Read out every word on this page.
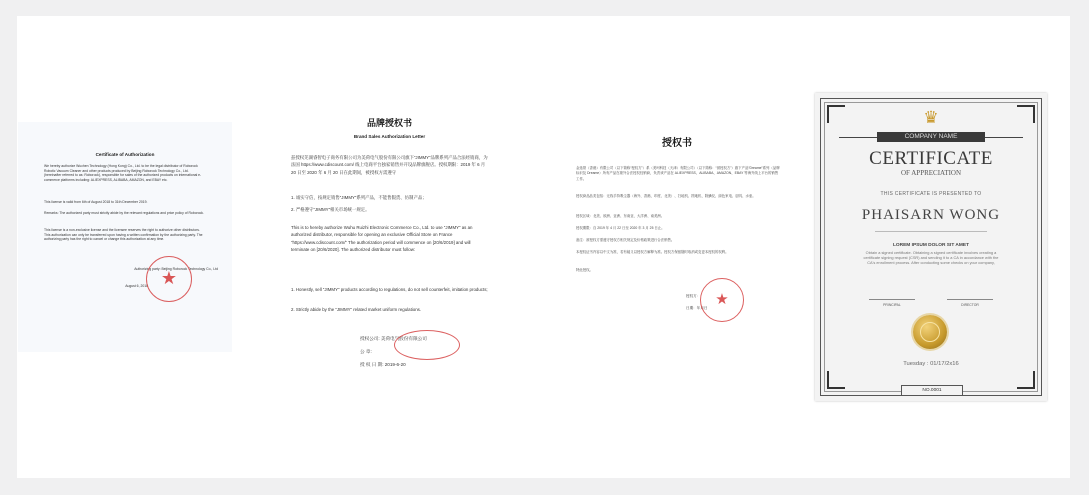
Certificate of Authorization

We hereby authorize Wuchen Technology (Hong Kong) Co., Ltd. to be the legal distributor of Roborock Robotic Vacuum Cleaner and other products produced by Beijing Roborock Technology Co., Ltd. (hereinafter referred to as: Roborock), responsible for sales of the authorized products on international e-commerce platforms including: ALIEXPRESS, ALIBABA, AMAZON, and EBAY etc.

This license is valid from 6th of August 2018 to 31th December 2019.

Remarks: The authorized party must strictly abide by the relevant regulations and price policy of Roborock.

This license is a non-exclusive license and the licensee reserves the right to authorize other distributors. This authorization can only be transferred upon having a written confirmation by the authorizing party. The authorizing party has the right to cancel or change this authorization at any time.

Authorizing party: Beijing Roborock Technology Co., Ltd

August 6, 2018 ★
品牌授权书
Brand Sales Authorization Letter

兹授权芜湖睿智电子商务有限公司为美荷电气股份有限公司旗下“JIMMY”品牌系列产品合法经销商，为法国 https://www.cdiscount.com/ 线上电商平台独家销售并开设品牌旗舰店。授权期限：2019 年 6 月 20 日至 2020 年 6 月 20 日在此期间，被授权方需遵守

1. 诚实守信，按规定销售“JIMMY”系列产品，不能售假货、仿制产品；

2. 严格遵守“JIMMY”相关市场统一规定。

This is to hereby authorize Wuhu Ruizhi Electronic Commerce Co., Ltd. to use “JIMMY” as an authorized distributor, responsible for opening an exclusive Official Store on France “https://www.cdiscount.com/” The authorization period will commence on [20/6/2019] and will terminate on [20/6/2020]. The authorized distributor must follow:

1. Honestly, sell “JIMMY” products according to regulations, do not sell counterfeit, imitation products;

2. Strictly abide by the “JIMMY” related market uniform regulations.

授权公司: 美荷电气股份有限公司

公 章:

授 权 日 期: 2019-6-20

授权书

金选领（香港）有限公司（以下简称“授权方”）系（美珂科技（天津）有限公司）（以下简称：“被授权方”）旗下产品“Dreame”系列（品牌标识及 Dreame）所有产品在境外合法授权经销商，负责该产品在 ALIEXPRESS、ALIBABA、AMAZON、EBAY 等海外线上平台的销售工作。

授权商品品类包括：无线手持吸尘器（海外、香港、印度、北美）、扫地机、擦地机、除螨仪、绿色家电、厨具、水壶。

授权区域：北美、欧洲、亚洲、东南亚、大洋洲、南美洲。

授权期限：自 2019 年 4 月 22 日至 2020 年 3 月 25 日止。

备注：被授权方需遵守授权方相关规定及价格政策进行合法销售。

本授权证书内容以中文为准，若有疑义以授权方解释为准。授权方保留随时取消或变更本授权的权利。

特此授权。

授权方：

日期：年月日 ★
♛
COMPANY NAME
CERTIFICATE
OF APPRECIATION
THIS CERTIFICATE IS PRESENTED TO
PHAISARN WONG
LOREM IPSUM DOLOR SIT AMET

Obtain a signed certificate. Obtaining a signed certificate involves creating a certificate signing request (CSR) and sending it to a CA in accordance with the CA's enrollment process. After conducting some checks on your company,

PRINCIPAL	DIRECTOR
Tuesday : 01/17/2x16
NO.0001
